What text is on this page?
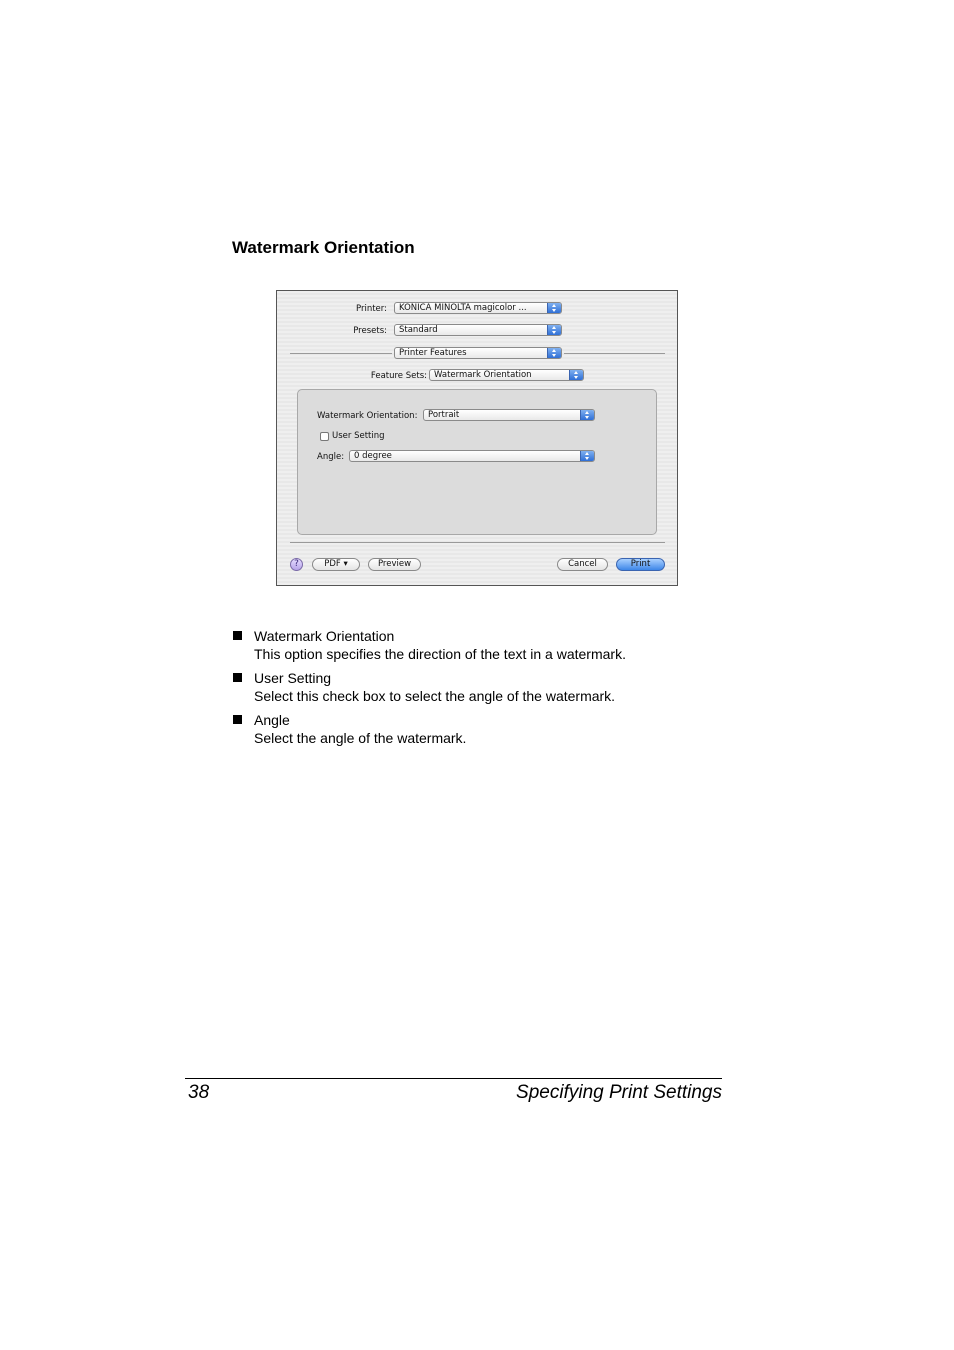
Watermark Orientation
Printer:	KONICA MINOLTA magicolor ...
Presets:	Standard
Printer Features
Feature Sets: Watermark Orientation
Watermark Orientation:	Portrait
User Setting
Angle:	0 degree
?	PDF ▾	Preview	Cancel	Print
Watermark Orientation
This option specifies the direction of the text in a watermark.
User Setting
Select this check box to select the angle of the watermark.
Angle
Select the angle of the watermark.
38	Specifying Print Settings
